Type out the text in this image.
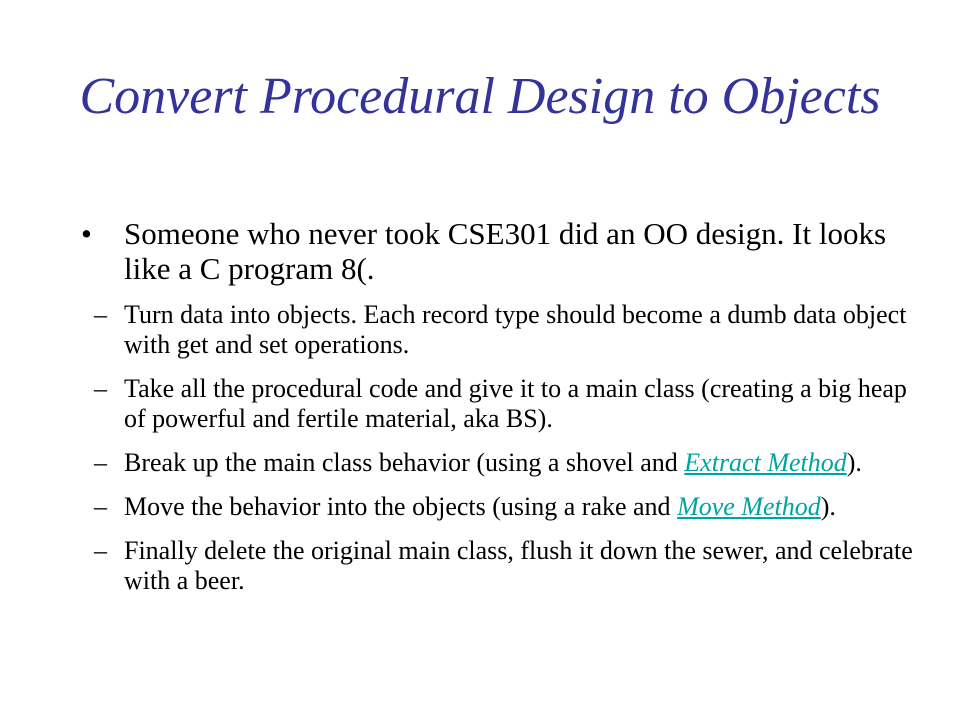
Convert Procedural Design to Objects
• Someone who never took CSE301 did an OO design. It looks like a C program 8(.
– Turn data into objects. Each record type should become a dumb data object with get and set operations.
– Take all the procedural code and give it to a main class (creating a big heap of powerful and fertile material, aka BS).
– Break up the main class behavior (using a shovel and Extract Method).
– Move the behavior into the objects (using a rake and Move Method).
– Finally delete the original main class, flush it down the sewer, and celebrate with a beer.
